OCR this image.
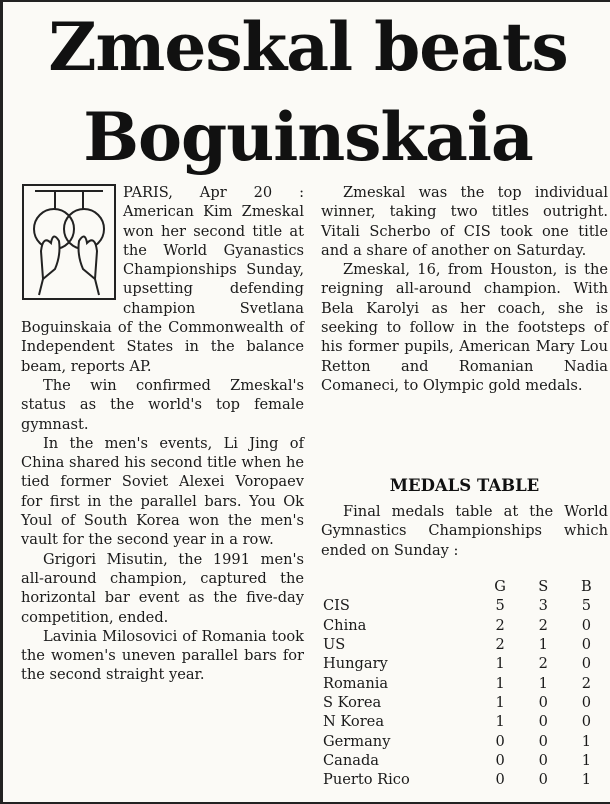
Zmeskal beats
Boguinskaia

PARIS, Apr 20 : American Kim Zmeskal won her second title at the World Gyanastics Championships Sunday, upsetting defending champion Svetlana Boguinskaia of the Commonwealth of Independent States in the balance beam, reports AP.

The win confirmed Zmeskal's status as the world's top female gymnast.

In the men's events, Li Jing of China shared his second title when he tied former Soviet Alexei Voropaev for first in the parallel bars. You Ok Youl of South Korea won the men's vault for the second year in a row.

Grigori Misutin, the 1991 men's all-around champion, captured the horizontal bar event as the five-day competition, ended.

Lavinia Milosovici of Romania took the women's uneven parallel bars for the second straight year.

Zmeskal was the top individual winner, taking two titles outright. Vitali Scherbo of CIS took one title and a share of another on Saturday.

Zmeskal, 16, from Houston, is the reigning all-around champion. With Bela Karolyi as her coach, she is seeking to follow in the footsteps of his former pupils, American Mary Lou Retton and Romanian Nadia Comaneci, to Olympic gold medals.

MEDALS TABLE

Final medals table at the World Gymnastics Championships which ended on Sunday :

	G	S	B
CIS	5	3	5
China	2	2	0
US	2	1	0
Hungary	1	2	0
Romania	1	1	2
S Korea	1	0	0
N Korea	1	0	0
Germany	0	0	1
Canada	0	0	1
Puerto Rico	0	0	1
